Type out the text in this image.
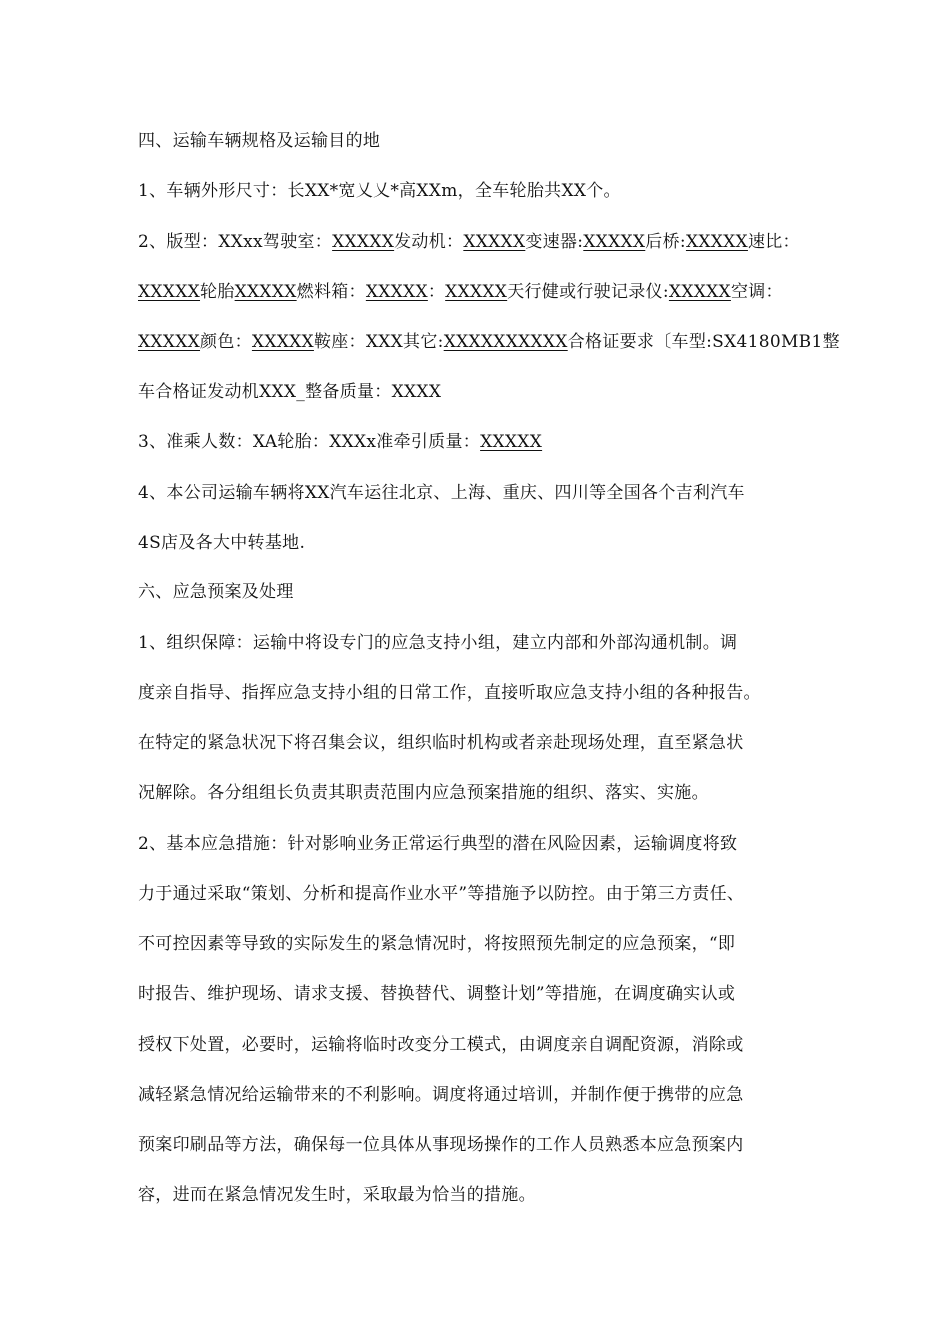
四、运输车辆规格及运输目的地
1、车辆外形尺寸：长XX*宽乂乂*高XXm，全车轮胎共XX个。
2、版型：XXxx驾驶室：XXXXX发动机：XXXXX变速器:XXXXX后桥:XXXXX速比：
XXXXX轮胎XXXXX燃料箱：XXXXX：XXXXX天行健或行驶记录仪:XXXXX空调：
XXXXX颜色：XXXXX鞍座：XXX其它:XXXXXXXXXX合格证要求〔车型:SX4180MB1整
车合格证发动机XXX_整备质量：XXXX
3、准乘人数：XA轮胎：XXXx准牵引质量：XXXXX
4、本公司运输车辆将XX汽车运往北京、上海、重庆、四川等全国各个吉利汽车
4S店及各大中转基地.
六、应急预案及处理
1、组织保障：运输中将设专门的应急支持小组，建立内部和外部沟通机制。调
度亲自指导、指挥应急支持小组的日常工作，直接听取应急支持小组的各种报告。
在特定的紧急状况下将召集会议，组织临时机构或者亲赴现场处理，直至紧急状
况解除。各分组组长负责其职责范围内应急预案措施的组织、落实、实施。
2、基本应急措施：针对影响业务正常运行典型的潜在风险因素，运输调度将致
力于通过采取“策划、分析和提高作业水平”等措施予以防控。由于第三方责任、
不可控因素等导致的实际发生的紧急情况时，将按照预先制定的应急预案，“即
时报告、维护现场、请求支援、替换替代、调整计划”等措施，在调度确实认或
授权下处置，必要时，运输将临时改变分工模式，由调度亲自调配资源，消除或
减轻紧急情况给运输带来的不利影响。调度将通过培训，并制作便于携带的应急
预案印刷品等方法，确保每一位具体从事现场操作的工作人员熟悉本应急预案内
容，进而在紧急情况发生时，采取最为恰当的措施。
